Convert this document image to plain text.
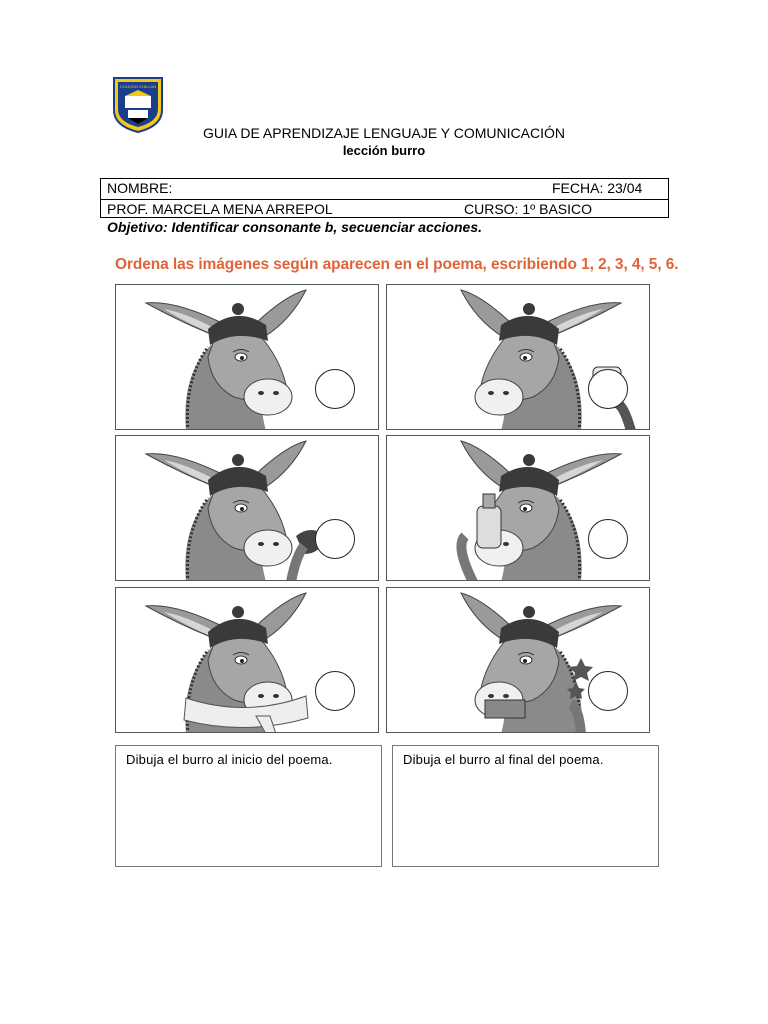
COLEGIO CHILLAN
GUIA DE APRENDIZAJE LENGUAJE Y COMUNICACIÓN
lección burro
NOMBRE:	FECHA: 23/04
PROF. MARCELA MENA ARREPOL	CURSO: 1º BASICO
Objetivo: Identificar consonante b, secuenciar acciones.
Ordena las imágenes según aparecen en el poema, escribiendo 1, 2, 3, 4, 5, 6.
Dibuja el burro al inicio del poema.	Dibuja el burro al final del poema.
